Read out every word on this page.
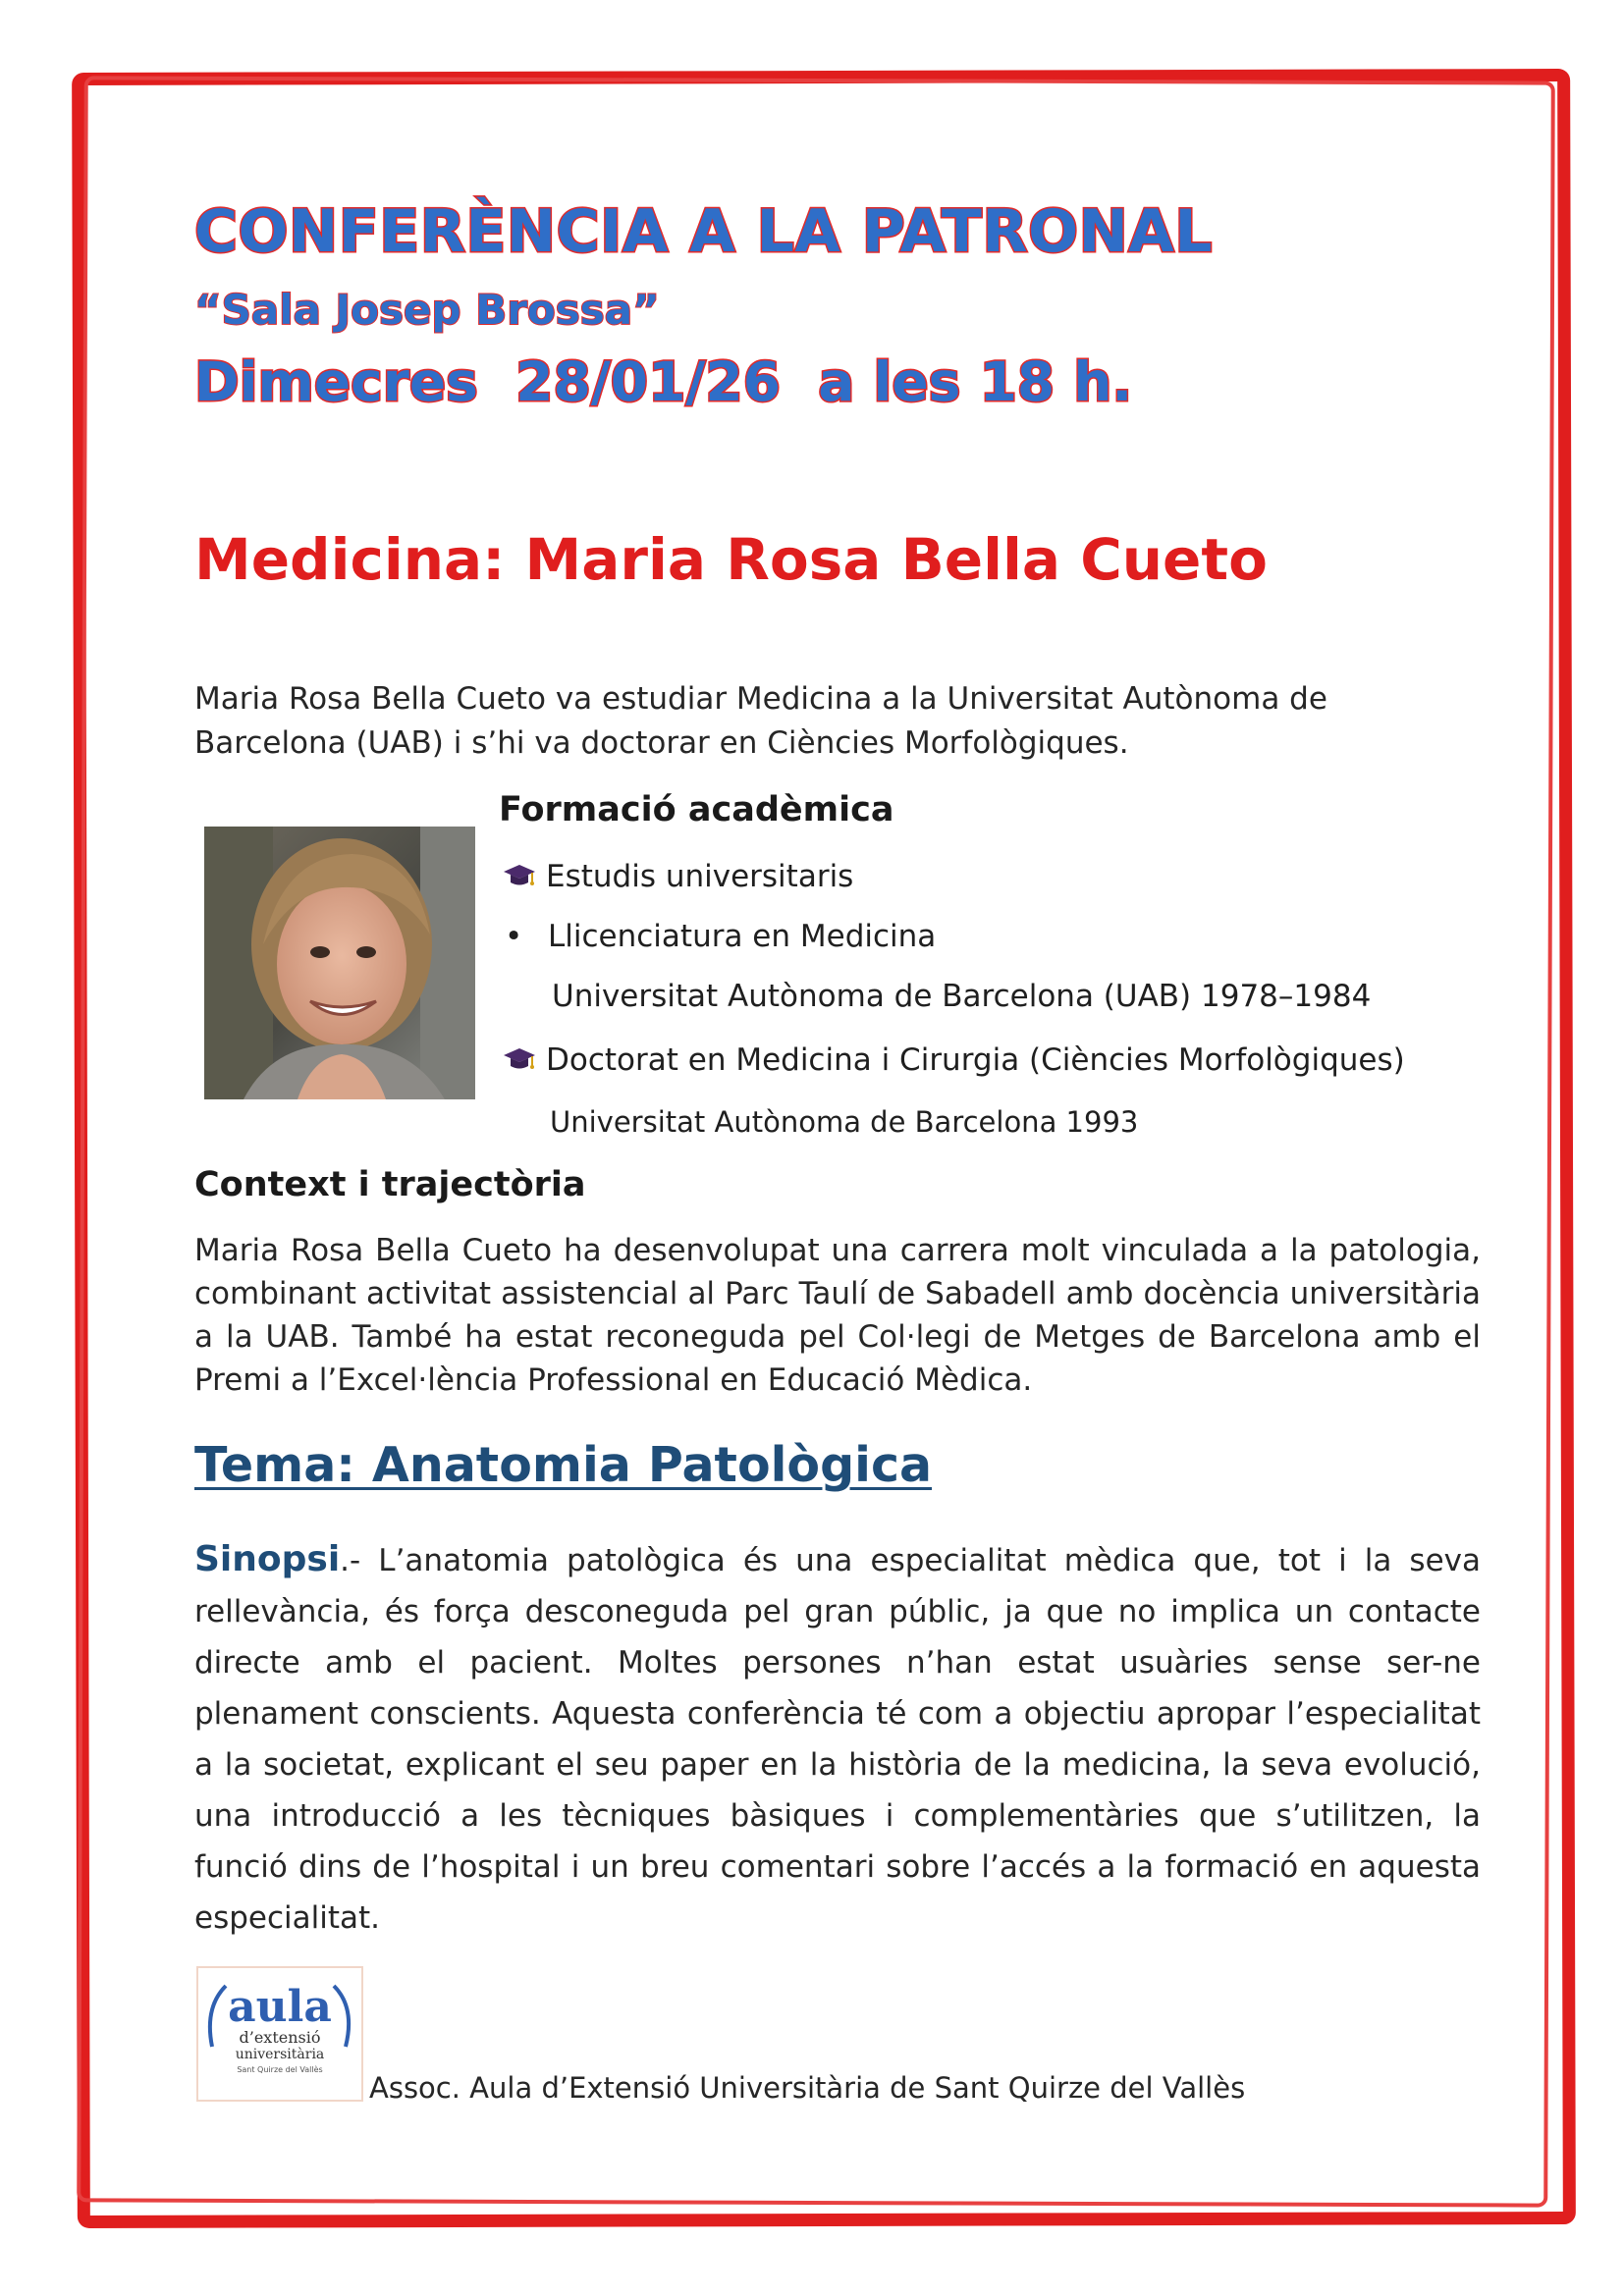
CONFERÈNCIA A LA PATRONAL
“Sala Josep Brossa”
Dimecres  28/01/26  a les 18 h.
Medicina: Maria Rosa Bella Cueto
Maria Rosa Bella Cueto va estudiar Medicina a la Universitat Autònoma de Barcelona (UAB) i s’hi va doctorar en Ciències Morfològiques.
Formació acadèmica
Estudis universitaris
• Llicenciatura en Medicina
Universitat Autònoma de Barcelona (UAB) 1978–1984
Doctorat en Medicina i Cirurgia (Ciències Morfològiques)
Universitat Autònoma de Barcelona 1993
Context i trajectòria
Maria Rosa Bella Cueto ha desenvolupat una carrera molt vinculada a la patologia, combinant activitat assistencial al Parc Taulí de Sabadell amb docència universitària a la UAB. També ha estat reconeguda pel Col·legi de Metges de Barcelona amb el Premi a l’Excel·lència Professional en Educació Mèdica.
Tema: Anatomia Patològica
Sinopsi.- L’anatomia patològica és una especialitat mèdica que, tot i la seva rellevància, és força desconeguda pel gran públic, ja que no implica un contacte directe amb el pacient. Moltes persones n’han estat usuàries sense ser-ne plenament conscients. Aquesta conferència té com a objectiu apropar l’especialitat a la societat, explicant el seu paper en la història de la medicina, la seva evolució, una introducció a les tècniques bàsiques i complementàries que s’utilitzen, la funció dins de l’hospital i un breu comentari sobre l’accés a la formació en aquesta especialitat.
aula
d’extensió
universitària
Sant Quirze del Vallès
Assoc. Aula d’Extensió Universitària de Sant Quirze del Vallès
